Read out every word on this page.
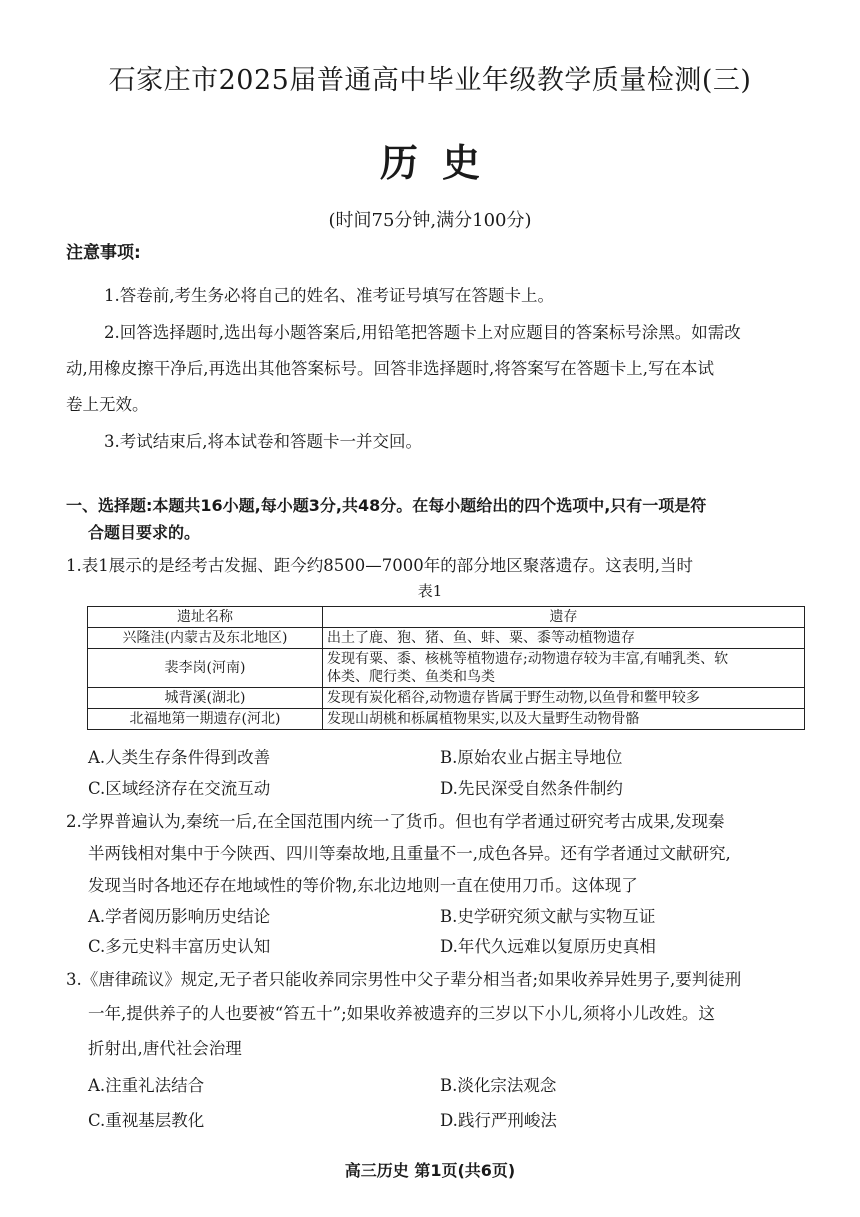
石家庄市2025届普通高中毕业年级教学质量检测(三)
历史
(时间75分钟,满分100分)
注意事项:
1.答卷前,考生务必将自己的姓名、准考证号填写在答题卡上。
2.回答选择题时,选出每小题答案后,用铅笔把答题卡上对应题目的答案标号涂黑。如需改
动,用橡皮擦干净后,再选出其他答案标号。回答非选择题时,将答案写在答题卡上,写在本试
卷上无效。
3.考试结束后,将本试卷和答题卡一并交回。
一、选择题:本题共16小题,每小题3分,共48分。在每小题给出的四个选项中,只有一项是符
合题目要求的。
1.表1展示的是经考古发掘、距今约8500—7000年的部分地区聚落遗存。这表明,当时
表1
遗址名称	遗存
兴隆洼(内蒙古及东北地区)	出土了鹿、狍、猪、鱼、蚌、粟、黍等动植物遗存
裴李岗(河南)	发现有粟、黍、核桃等植物遗存;动物遗存较为丰富,有哺乳类、软
体类、爬行类、鱼类和鸟类

城背溪(湖北)	发现有炭化稻谷,动物遗存皆属于野生动物,以鱼骨和鳖甲较多
北福地第一期遗存(河北)	发现山胡桃和栎属植物果实,以及大量野生动物骨骼
A.人类生存条件得到改善	B.原始农业占据主导地位
C.区域经济存在交流互动	D.先民深受自然条件制约
2.学界普遍认为,秦统一后,在全国范围内统一了货币。但也有学者通过研究考古成果,发现秦
半两钱相对集中于今陕西、四川等秦故地,且重量不一,成色各异。还有学者通过文献研究,
发现当时各地还存在地域性的等价物,东北边地则一直在使用刀币。这体现了
A.学者阅历影响历史结论	B.史学研究须文献与实物互证
C.多元史料丰富历史认知	D.年代久远难以复原历史真相
3.《唐律疏议》规定,无子者只能收养同宗男性中父子辈分相当者;如果收养异姓男子,要判徒刑
一年,提供养子的人也要被“笞五十”;如果收养被遗弃的三岁以下小儿,须将小儿改姓。这
折射出,唐代社会治理
A.注重礼法结合	B.淡化宗法观念
C.重视基层教化	D.践行严刑峻法
高三历史 第1页(共6页)
